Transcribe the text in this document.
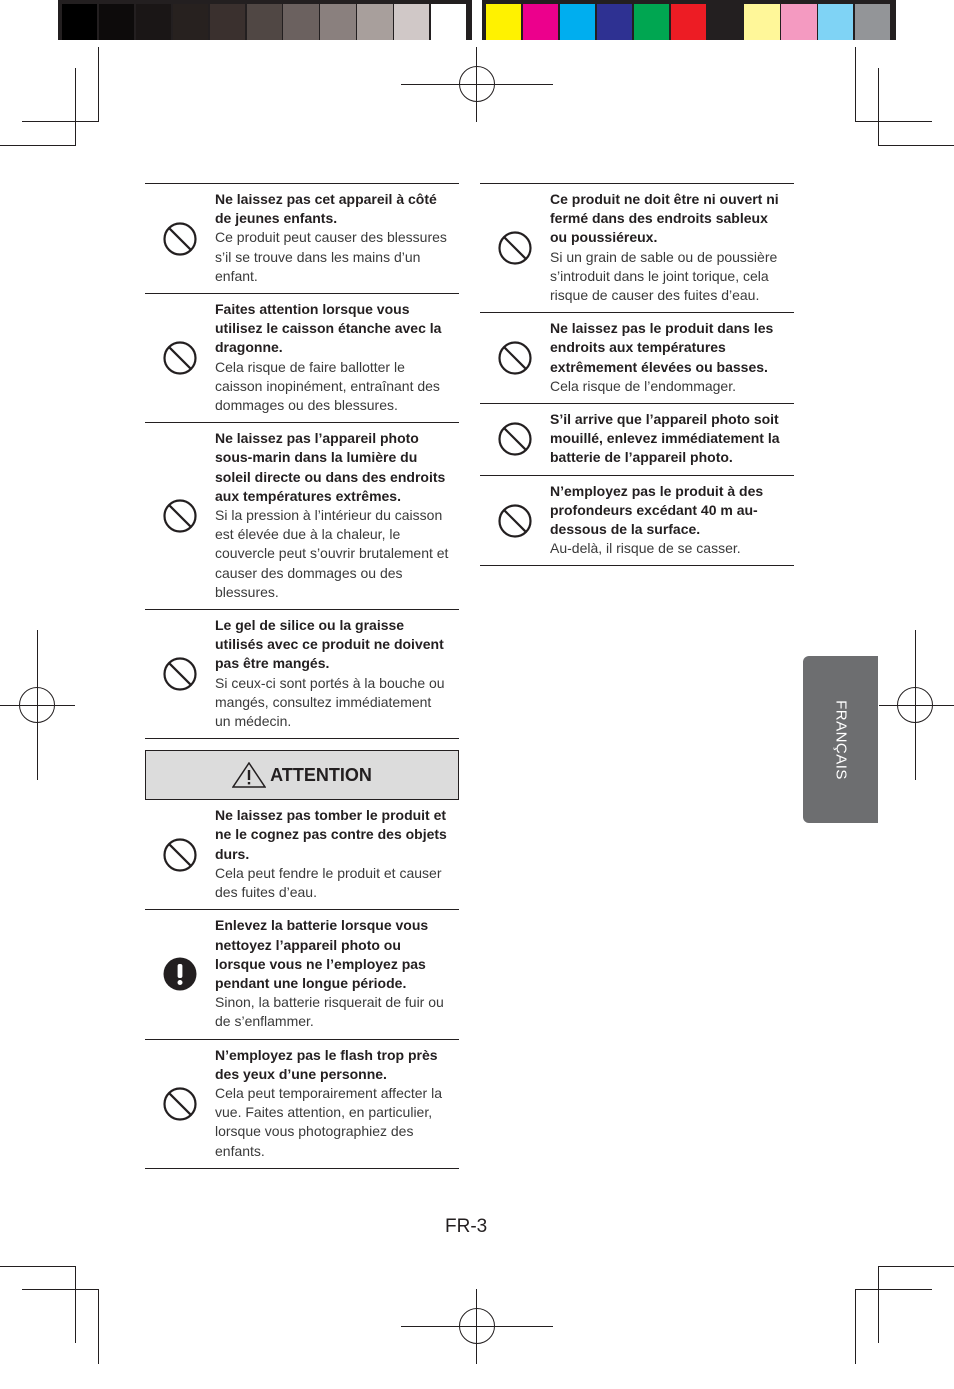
Ne laissez pas cet appareil à côté de jeunes enfants.
Ce produit peut causer des blessures s’il se trouve dans les mains d’un enfant.
Faites attention lorsque vous utilisez le caisson étanche avec la dragonne.
Cela risque de faire ballotter le caisson inopinément, entraînant des dommages ou des blessures.
Ne laissez pas l’appareil photo sous-marin dans la lumière du soleil directe ou dans des endroits aux températures extrêmes.
Si la pression à l’intérieur du caisson est élevée due à la chaleur, le couvercle peut s’ouvrir brutalement et causer des dommages ou des blessures.
Le gel de silice ou la graisse utilisés avec ce produit ne doivent pas être mangés.
Si ceux-ci sont portés à la bouche ou mangés, consultez immédiatement un médecin.
ATTENTION
Ne laissez pas tomber le produit et ne le cognez pas contre des objets durs.
Cela peut fendre le produit et causer des fuites d’eau.
Enlevez la batterie lorsque vous nettoyez l’appareil photo ou lorsque vous ne l’employez pas pendant une longue période.
Sinon, la batterie risquerait de fuir ou de s’enflammer.
N’employez pas le flash trop près des yeux d’une personne.
Cela peut temporairement affecter la vue. Faites attention, en particulier, lorsque vous photographiez des enfants.
Ce produit ne doit être ni ouvert ni fermé dans des endroits sableux ou poussiéreux.
Si un grain de sable ou de poussière s’introduit dans le joint torique, cela risque de causer des fuites d’eau.
Ne laissez pas le produit dans les endroits aux températures extrêmement élevées ou basses.
Cela risque de l’endommager.
S’il arrive que l’appareil photo soit mouillé, enlevez immédiatement la batterie de l’appareil photo.
N’employez pas le produit à des profondeurs excédant 40 m au-dessous de la surface.
Au-delà, il risque de se casser.
FRANÇAIS
FR-3
